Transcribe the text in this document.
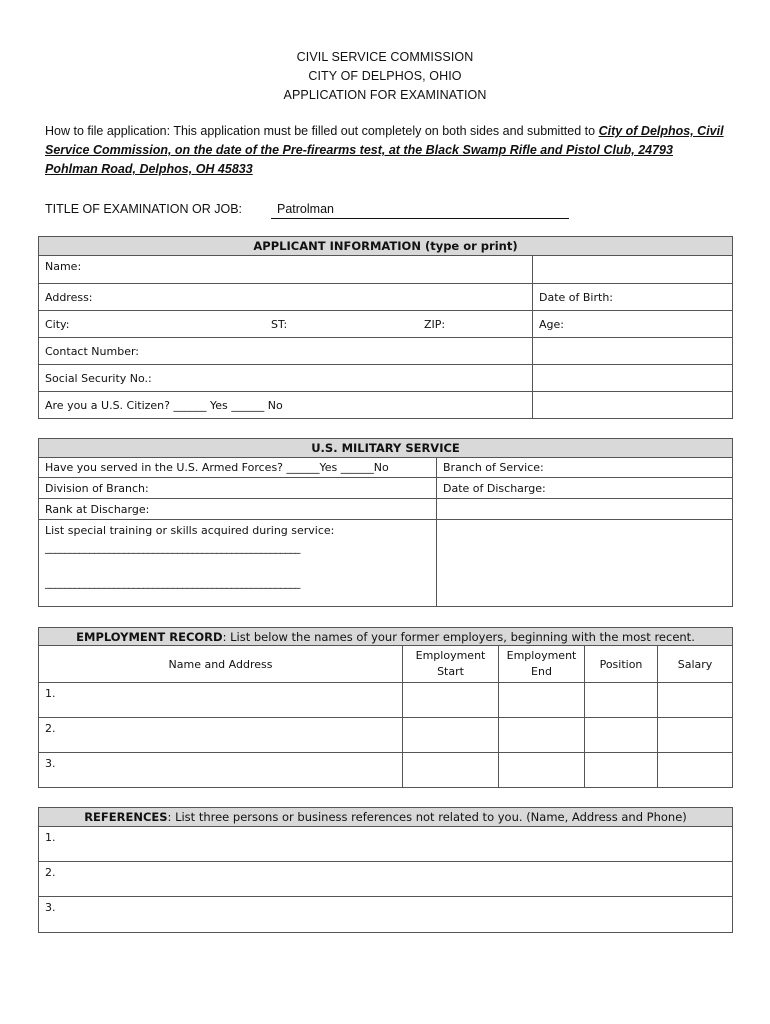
CIVIL SERVICE COMMISSION
CITY OF DELPHOS, OHIO
APPLICATION FOR EXAMINATION
How to file application: This application must be filled out completely on both sides and submitted to City of Delphos, Civil Service Commission, on the date of the Pre-firearms test, at the Black Swamp Rifle and Pistol Club, 24793 Pohlman Road, Delphos, OH 45833
TITLE OF EXAMINATION OR JOB:	Patrolman
APPLICANT INFORMATION (type or print)	
Name:	
Address:	Date of Birth:
City: ST: ZIP:	Age:
Contact Number:	
Social Security No.:	
Are you a U.S. Citizen? ______ Yes ______ No	
U.S. MILITARY SERVICE	
Have you served in the U.S. Armed Forces? ______Yes ______No	Branch of Service:
Division of Branch:	Date of Discharge:
Rank at Discharge:	
List special training or skills acquired during service:
____________________________________________________
____________________________________________________	

EMPLOYMENT RECORD: List below the names of your former employers, beginning with the most recent.				
Name and Address	Employment Start	Employment End	Position	Salary
1.				
2.				
3.				
REFERENCES: List three persons or business references not related to you. (Name, Address and Phone)
1.
2.
3.
